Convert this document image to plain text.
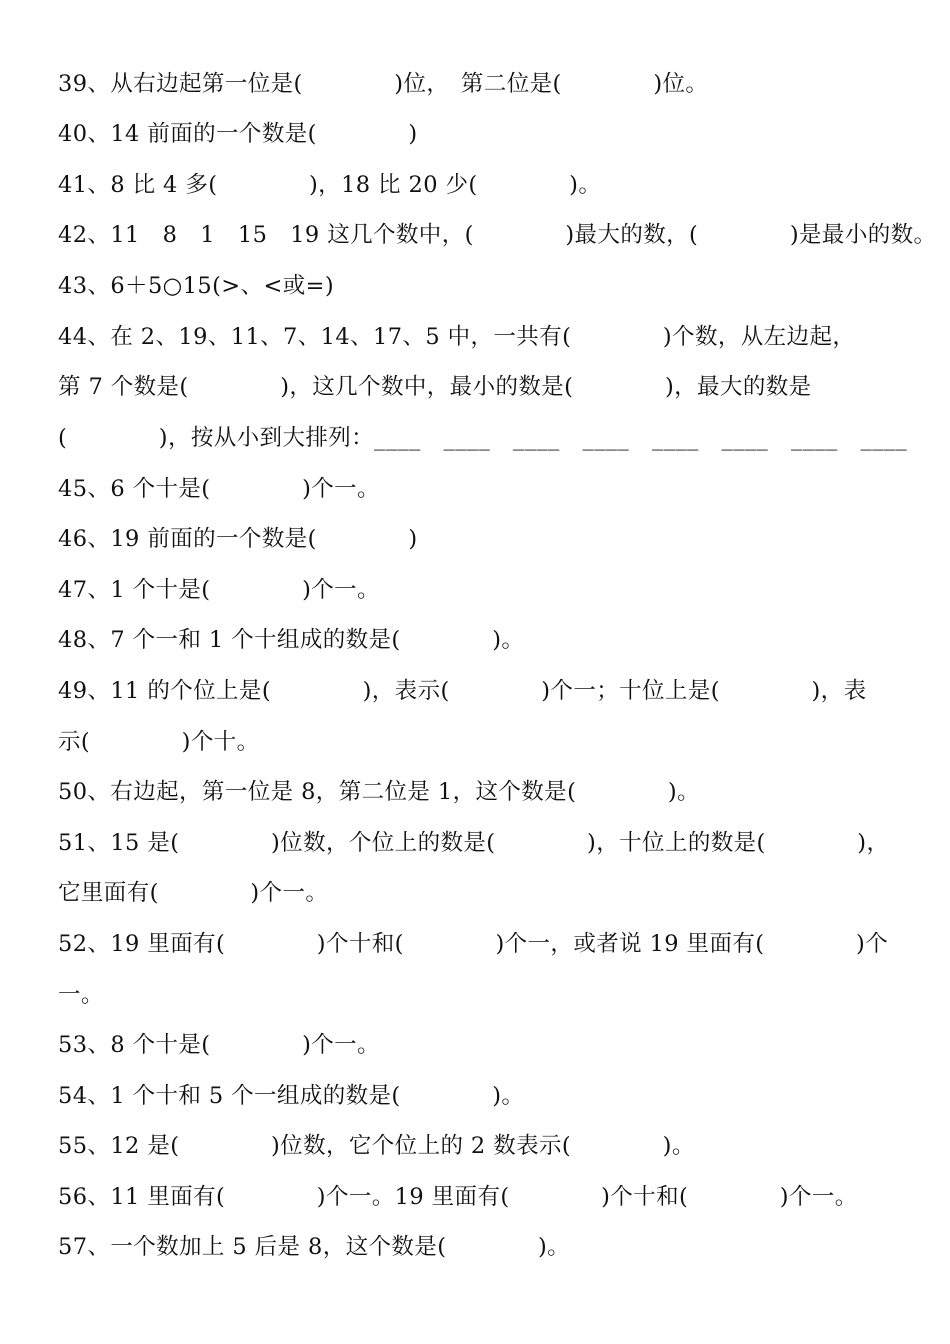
39、从右边起第一位是(　　　　)位，　第二位是(　　　　)位。
40、14 前面的一个数是(　　　　)
41、8 比 4 多(　　　　)，18 比 20 少(　　　　)。
42、11　8　1　15　19 这几个数中，(　　　　)最大的数，(　　　　)是最小的数。
43、6＋5○15(>、<或=)
44、在 2、19、11、7、14、17、5 中，一共有(　　　　)个数，从左边起，
第 7 个数是(　　　　)，这几个数中，最小的数是(　　　　)，最大的数是
(　　　　)，按从小到大排列：____　____　____　____　____　____　____　____
45、6 个十是(　　　　)个一。
46、19 前面的一个数是(　　　　)
47、1 个十是(　　　　)个一。
48、7 个一和 1 个十组成的数是(　　　　)。
49、11 的个位上是(　　　　)，表示(　　　　)个一；十位上是(　　　　)，表
示(　　　　)个十。
50、右边起，第一位是 8，第二位是 1，这个数是(　　　　)。
51、15 是(　　　　)位数，个位上的数是(　　　　)，十位上的数是(　　　　)，
它里面有(　　　　)个一。
52、19 里面有(　　　　)个十和(　　　　)个一，或者说 19 里面有(　　　　)个
一。
53、8 个十是(　　　　)个一。
54、1 个十和 5 个一组成的数是(　　　　)。
55、12 是(　　　　)位数，它个位上的 2 数表示(　　　　)。
56、11 里面有(　　　　)个一。19 里面有(　　　　)个十和(　　　　)个一。
57、一个数加上 5 后是 8，这个数是(　　　　)。
